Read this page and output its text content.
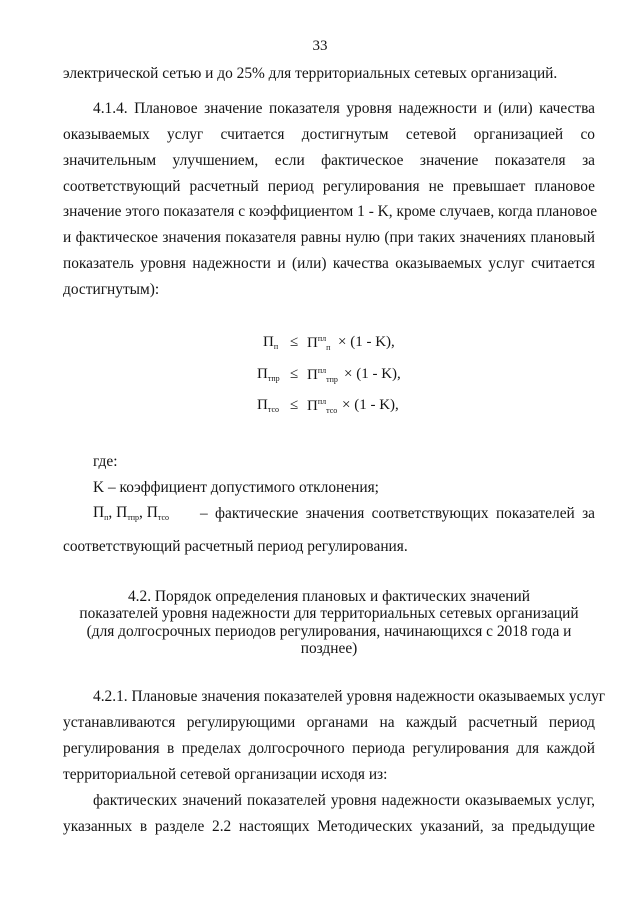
33
электрической сетью и до 25% для территориальных сетевых организаций.
4.1.4. Плановое значение показателя уровня надежности и (или) качества
оказываемых услуг считается достигнутым сетевой организацией со
значительным улучшением, если фактическое значение показателя за
соответствующий расчетный период регулирования не превышает плановое
значение этого показателя с коэффициентом 1 - K, кроме случаев, когда плановое
и фактическое значения показателя равны нулю (при таких значениях плановый
показатель уровня надежности и (или) качества оказываемых услуг считается
достигнутым):
$П_п \le П^{пл}_п \times (1 - K)$,
$П_{тпр} \le П^{пл}_{тпр} \times (1 - K)$,
$П_{тсо} \le П^{пл}_{тсо} \times (1 - K)$,
где:
K – коэффициент допустимого отклонения;
$П_п$, $П_{тпр}$, $П_{тсо}$ – фактические значения соответствующих показателей за
соответствующий расчетный период регулирования.
4.2. Порядок определения плановых и фактических значений
показателей уровня надежности для территориальных сетевых организаций
(для долгосрочных периодов регулирования, начинающихся с 2018 года и
позднее)
4.2.1. Плановые значения показателей уровня надежности оказываемых услуг
устанавливаются регулирующими органами на каждый расчетный период
регулирования в пределах долгосрочного периода регулирования для каждой
территориальной сетевой организации исходя из:
фактических значений показателей уровня надежности оказываемых услуг,
указанных в разделе 2.2 настоящих Методических указаний, за предыдущие
